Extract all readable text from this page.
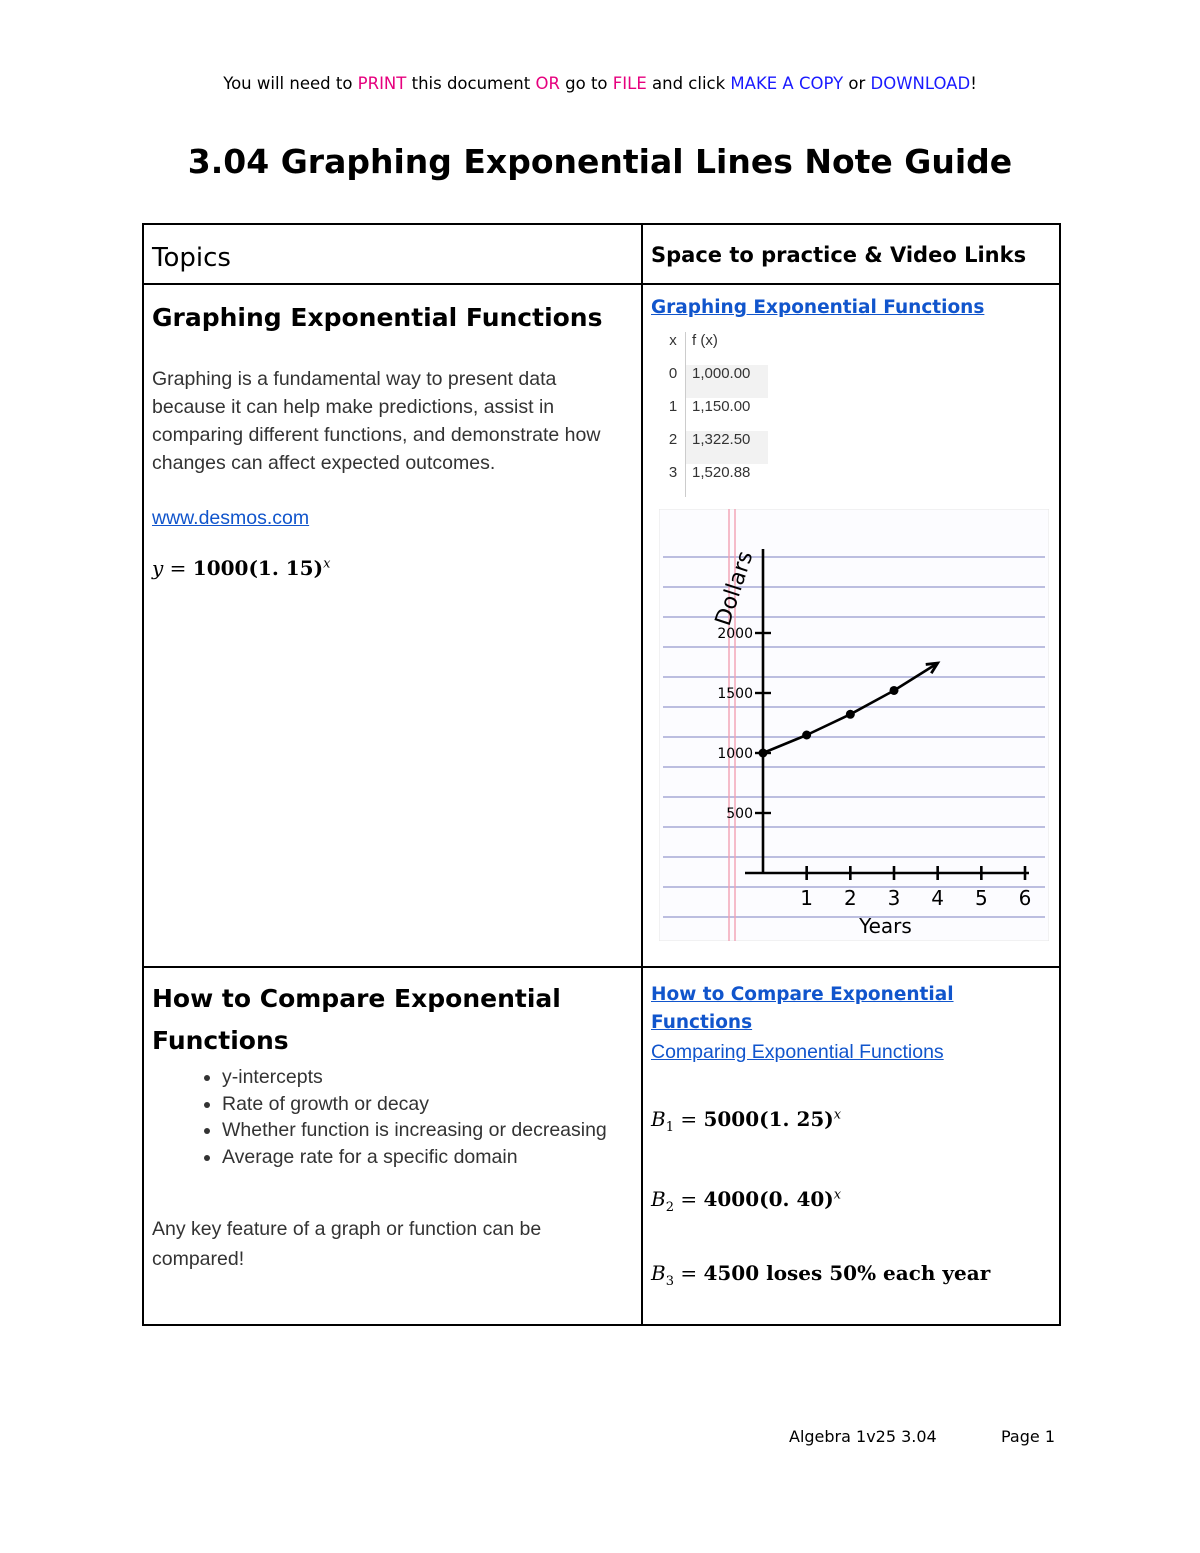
You will need to PRINT this document OR go to FILE and click MAKE A COPY or DOWNLOAD!
3.04 Graphing Exponential Lines Note Guide
Topics	Space to practice & Video Links

Graphing Exponential Functions

Graphing is a fundamental way to present data because it can help make predictions, assist in comparing different functions, and demonstrate how changes can affect expected outcomes.
www.desmos.com
y = 1000(1. 15)$^x$

Graphing Exponential Functions
x	f (x)
0	1,000.00
1	1,150.00
2	1,322.50
3	1,520.88
1 2 3 4 5 6
500
1000
1500
2000
Dollars
Years

How to Compare Exponential Functions

• y-intercepts
• Rate of growth or decay
• Whether function is increasing or decreasing
• Average rate for a specific domain
Any key feature of a graph or function can be compared!

How to Compare Exponential Functions
Comparing Exponential Functions
$B_1 = 5000(1$. 25)$^x$
$B_2 = 4000(0$. 40)$^x$
$B_3 = 4500$ loses 50% each year
Algebra 1v25 3.04	Page 1
